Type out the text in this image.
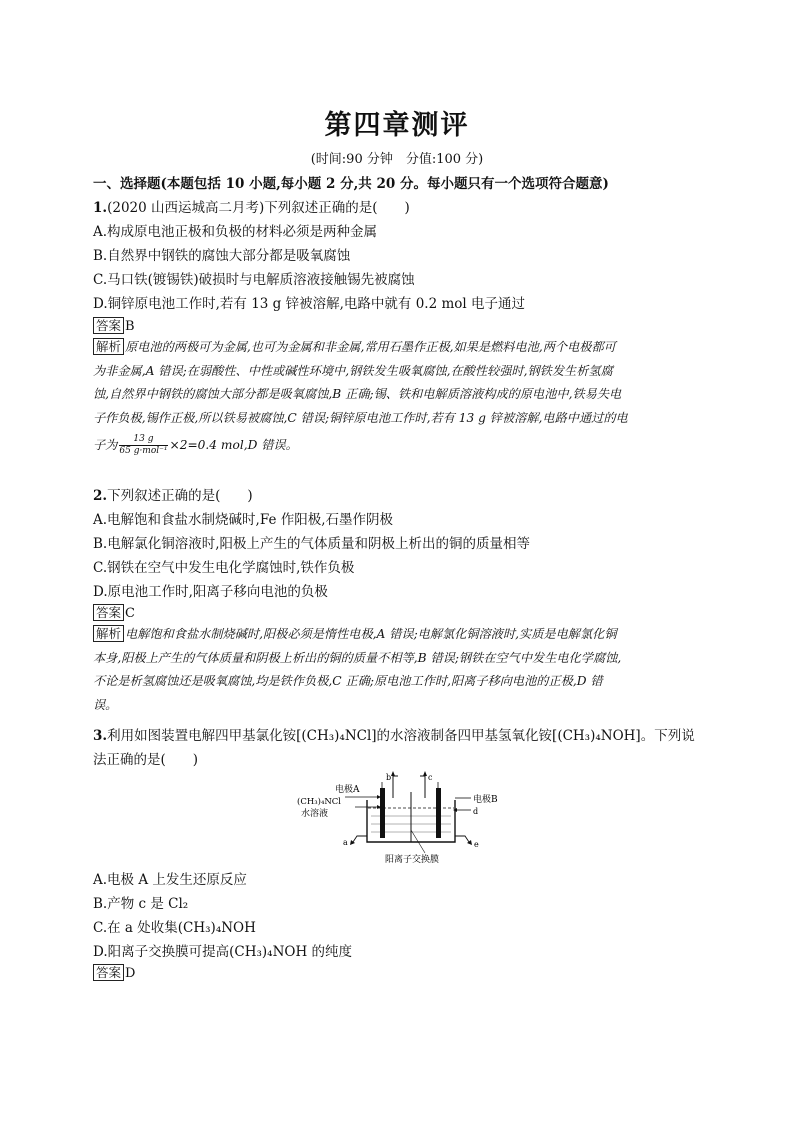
第四章测评
(时间:90 分钟　分值:100 分)
一、选择题(本题包括 10 小题,每小题 2 分,共 20 分。每小题只有一个选项符合题意)
1.(2020 山西运城高二月考)下列叙述正确的是(　　)
A.构成原电池正极和负极的材料必须是两种金属
B.自然界中钢铁的腐蚀大部分都是吸氧腐蚀
C.马口铁(镀锡铁)破损时与电解质溶液接触锡先被腐蚀
D.铜锌原电池工作时,若有 13 g 锌被溶解,电路中就有 0.2 mol 电子通过
答案 B
解析 原电池的两极可为金属,也可为金属和非金属,常用石墨作正极,如果是燃料电池,两个电极都可
为非金属,A 错误;在弱酸性、中性或碱性环境中,钢铁发生吸氧腐蚀,在酸性较强时,钢铁发生析氢腐
蚀,自然界中钢铁的腐蚀大部分都是吸氧腐蚀,B 正确;锡、铁和电解质溶液构成的原电池中,铁易失电
子作负极,锡作正极,所以铁易被腐蚀,C 错误;铜锌原电池工作时,若有 13 g 锌被溶解,电路中通过的电
子为 $\frac{13 g}{\text{65 g·mol⁻¹}} \times 2=0.4$ mol,D 错误。
2.下列叙述正确的是(　　)
A.电解饱和食盐水制烧碱时,Fe 作阳极,石墨作阴极
B.电解氯化铜溶液时,阳极上产生的气体质量和阴极上析出的铜的质量相等
C.钢铁在空气中发生电化学腐蚀时,铁作负极
D.原电池工作时,阳离子移向电池的负极
答案 C
解析 电解饱和食盐水制烧碱时,阳极必须是惰性电极,A 错误;电解氯化铜溶液时,实质是电解氯化铜
本身,阳极上产生的气体质量和阴极上析出的铜的质量不相等,B 错误;钢铁在空气中发生电化学腐蚀,
不论是析氢腐蚀还是吸氧腐蚀,均是铁作负极,C 正确;原电池工作时,阳离子移向电池的正极,D 错
误。
3.利用如图装置电解四甲基氯化铵[(CH₃)₄NCl]的水溶液制备四甲基氢氧化铵[(CH₃)₄NOH]。下列说
法正确的是(　　)
电极A
电极B
(CH₃)₄NCl
水溶液
b	c
a
d
e
阳离子交换膜
A.电极 A 上发生还原反应
B.产物 c 是 Cl₂
C.在 a 处收集(CH₃)₄NOH
D.阳离子交换膜可提高(CH₃)₄NOH 的纯度
答案 D
